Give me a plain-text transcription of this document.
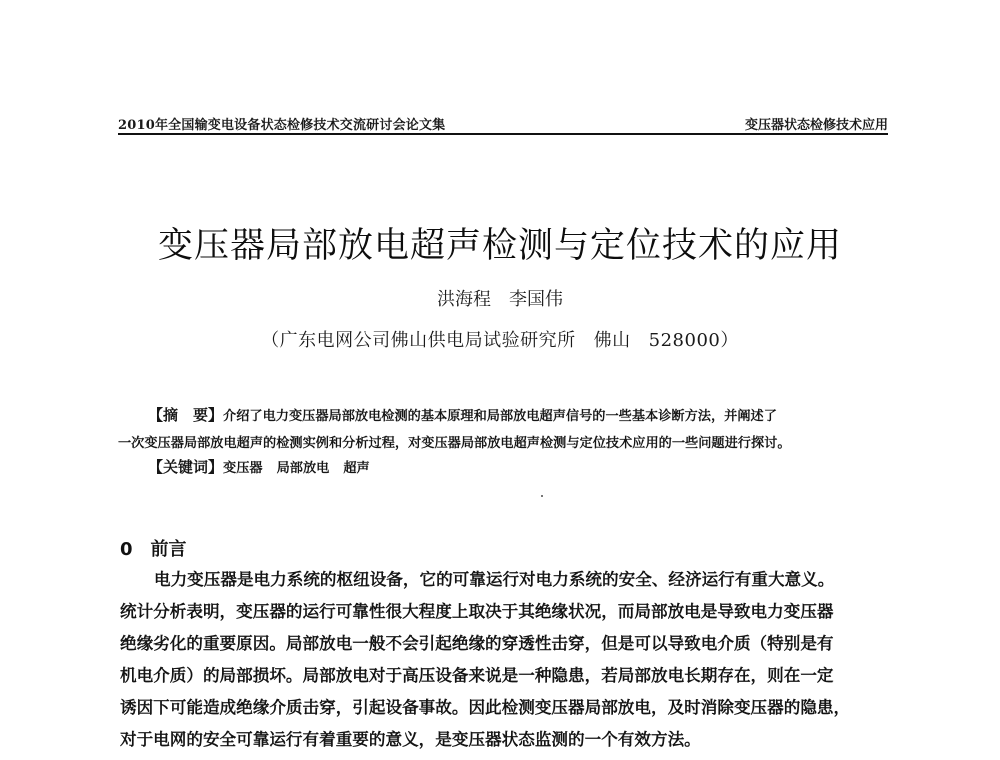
2010年全国输变电设备状态检修技术交流研讨会论文集	变压器状态检修技术应用
变压器局部放电超声检测与定位技术的应用
洪海程 李国伟
（广东电网公司佛山供电局试验研究所 佛山 528000）
【摘　要】介绍了电力变压器局部放电检测的基本原理和局部放电超声信号的一些基本诊断方法，并阐述了
一次变压器局部放电超声的检测实例和分析过程，对变压器局部放电超声检测与定位技术应用的一些问题进行探讨。
【关键词】变压器 局部放电 超声
0 前言
电力变压器是电力系统的枢纽设备，它的可靠运行对电力系统的安全、经济运行有重大意义。
统计分析表明，变压器的运行可靠性很大程度上取决于其绝缘状况，而局部放电是导致电力变压器
绝缘劣化的重要原因。局部放电一般不会引起绝缘的穿透性击穿，但是可以导致电介质（特别是有
机电介质）的局部损坏。局部放电对于高压设备来说是一种隐患，若局部放电长期存在，则在一定
诱因下可能造成绝缘介质击穿，引起设备事故。因此检测变压器局部放电，及时消除变压器的隐患，
对于电网的安全可靠运行有着重要的意义，是变压器状态监测的一个有效方法。
